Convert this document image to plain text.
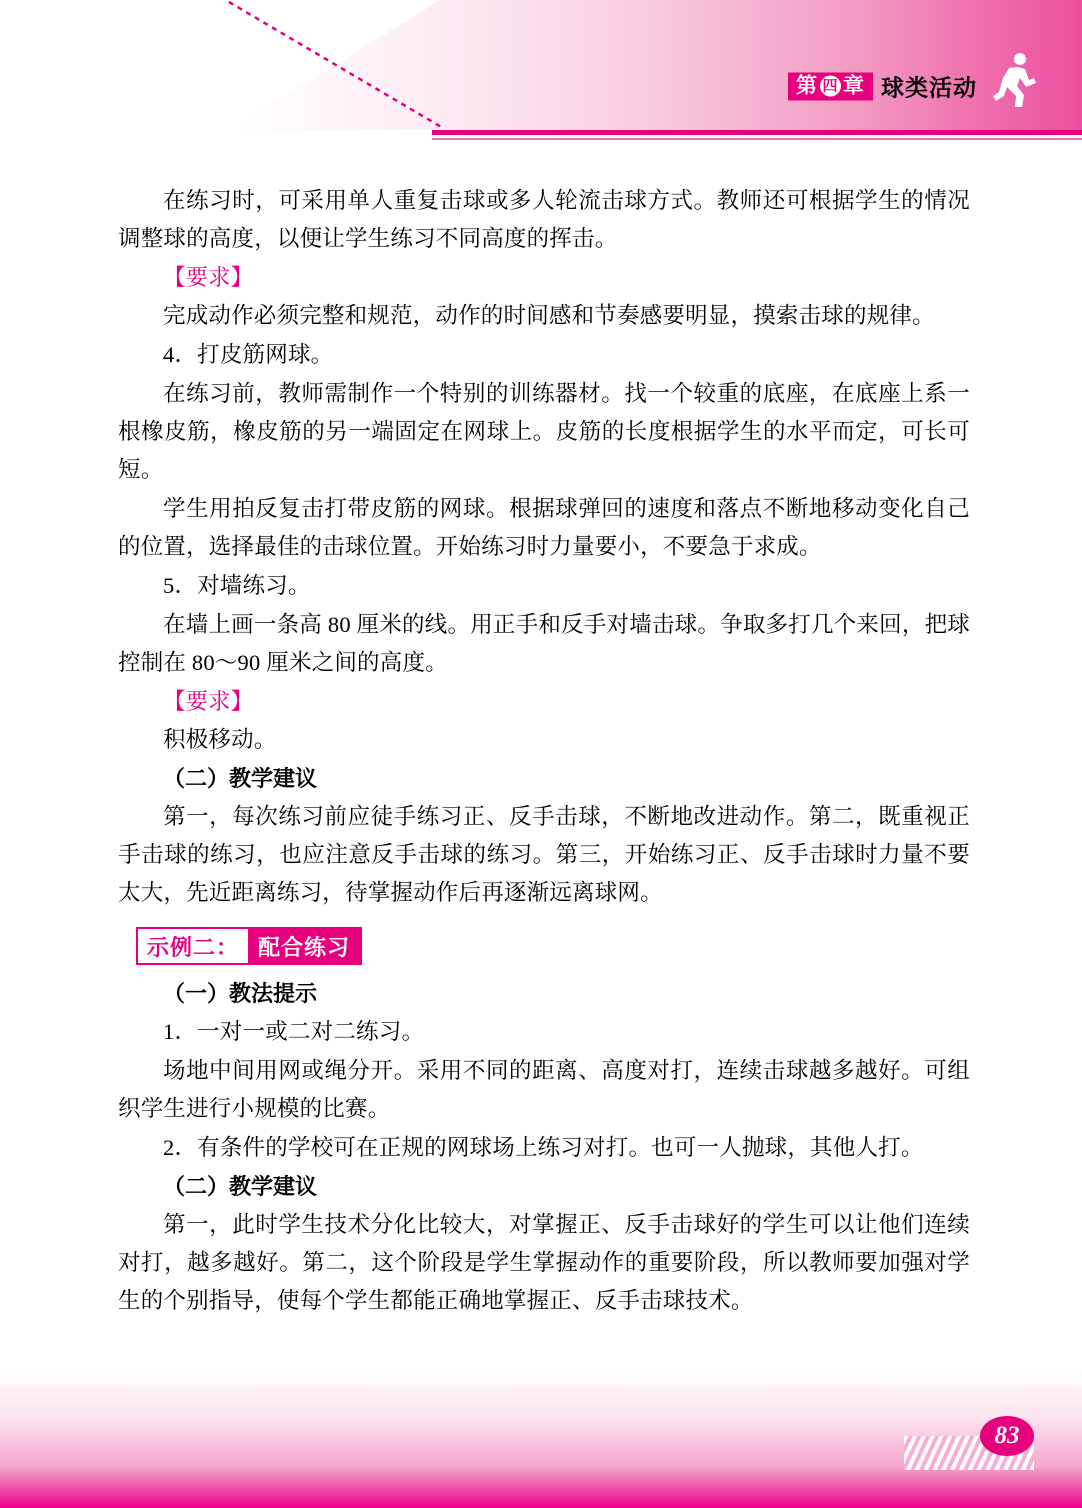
第 四 章 球类活动

在练习时，可采用单人重复击球或多人轮流击球方式。教师还可根据学生的情况调整球的高度，以便让学生练习不同高度的挥击。

【要求】

完成动作必须完整和规范，动作的时间感和节奏感要明显，摸索击球的规律。

4．打皮筋网球。

在练习前，教师需制作一个特别的训练器材。找一个较重的底座，在底座上系一根橡皮筋，橡皮筋的另一端固定在网球上。皮筋的长度根据学生的水平而定，可长可短。

学生用拍反复击打带皮筋的网球。根据球弹回的速度和落点不断地移动变化自己的位置，选择最佳的击球位置。开始练习时力量要小，不要急于求成。

5．对墙练习。

在墙上画一条高 80 厘米的线。用正手和反手对墙击球。争取多打几个来回，把球控制在 80～90 厘米之间的高度。

【要求】

积极移动。

（二）教学建议

第一，每次练习前应徒手练习正、反手击球，不断地改进动作。第二，既重视正手击球的练习，也应注意反手击球的练习。第三，开始练习正、反手击球时力量不要太大，先近距离练习，待掌握动作后再逐渐远离球网。

示例二： 配合练习

（一）教法提示

1．一对一或二对二练习。

场地中间用网或绳分开。采用不同的距离、高度对打，连续击球越多越好。可组织学生进行小规模的比赛。

2．有条件的学校可在正规的网球场上练习对打。也可一人抛球，其他人打。

（二）教学建议

第一，此时学生技术分化比较大，对掌握正、反手击球好的学生可以让他们连续对打，越多越好。第二，这个阶段是学生掌握动作的重要阶段，所以教师要加强对学生的个别指导，使每个学生都能正确地掌握正、反手击球技术。

83
